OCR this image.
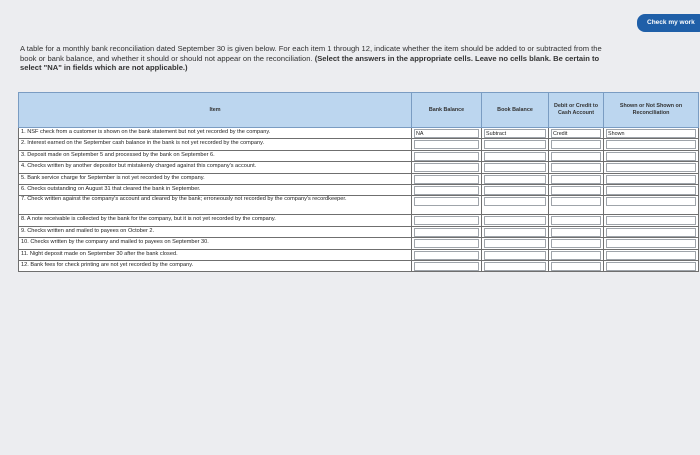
Check my work
A table for a monthly bank reconciliation dated September 30 is given below. For each item 1 through 12, indicate whether the item should be added to or subtracted from the book or bank balance, and whether it should or should not appear on the reconciliation. (Select the answers in the appropriate cells. Leave no cells blank. Be certain to select "NA" in fields which are not applicable.)
Item	Bank Balance	Book Balance	Debit or Credit to Cash Account	Shown or Not Shown on Reconciliation
1. NSF check from a customer is shown on the bank statement but not yet recorded by the company.	NA	Subtract	Credit	Shown

2. Interest earned on the September cash balance in the bank is not yet recorded by the company.	

3. Deposit made on September 5 and processed by the bank on September 6.	

4. Checks written by another depositor but mistakenly charged against this company's account.	

5. Bank service charge for September is not yet recorded by the company.	

6. Checks outstanding on August 31 that cleared the bank in September.	

7. Check written against the company's account and cleared by the bank; erroneously not recorded by the company's recordkeeper.	

8. A note receivable is collected by the bank for the company, but it is not yet recorded by the company.	

9. Checks written and mailed to payees on October 2.	

10. Checks written by the company and mailed to payees on September 30.	

11. Night deposit made on September 30 after the bank closed.	

12. Bank fees for check printing are not yet recorded by the company.	
